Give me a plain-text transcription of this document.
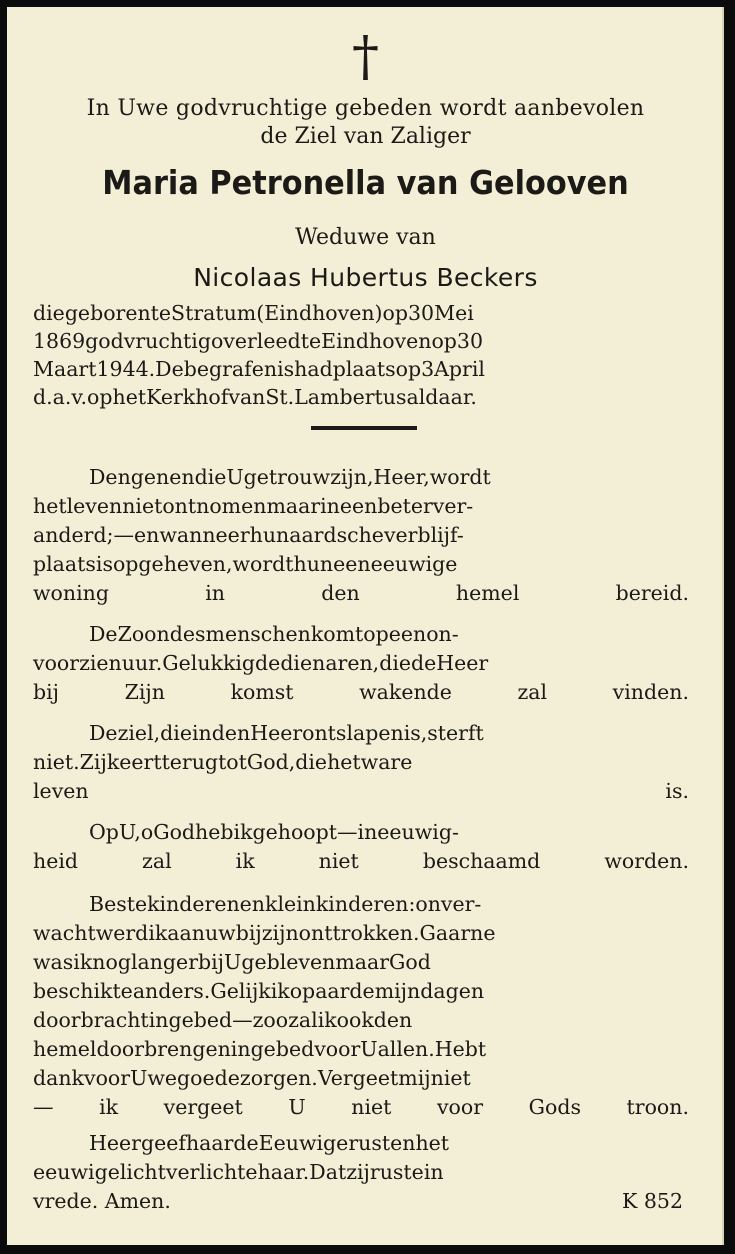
†
In Uwe godvruchtige gebeden wordt aanbevolen
de Ziel van Zaliger
Maria Petronella van Gelooven
Weduwe van
Nicolaas Hubertus Beckers
diegeborenteStratum(Eindhoven)op30Mei
1869godvruchtigoverleedteEindhovenop30
Maart1944.Debegrafenishadplaatsop3April
d.a.v.ophetKerkhofvanSt.Lambertusaldaar.
DengenendieUgetrouwzijn,Heer,wordt
hetlevennietontnomenmaarineenbeterver-
anderd;—enwanneerhunaardscheverblijf-
plaatsisopgeheven,wordthuneeneeuwige
woning in den hemel bereid.
DeZoondesmenschenkomtopeenon-
voorzienuur.Gelukkigdedienaren,diedeHeer
bij Zijn komst wakende zal vinden.
Deziel,dieindenHeerontslapenis,sterft
niet.ZijkeertterugtotGod,diehetware
leven is.
OpU,oGodhebikgehoopt—ineeuwig-
heid zal ik niet beschaamd worden.
Bestekinderenenkleinkinderen:onver-
wachtwerdikaanuwbijzijnonttrokken.Gaarne
wasiknoglangerbijUgeblevenmaarGod
beschikteanders.Gelijkikopaardemijndagen
doorbrachtingebed—zoozalikookden
hemeldoorbrengeningebedvoorUallen.Hebt
dankvoorUwegoedezorgen.Vergeetmijniet
— ik vergeet U niet voor Gods troon.
HeergeefhaardeEeuwigerustenhet
eeuwigelichtverlichtehaar.Datzijrustein
vrede. Amen.	K 852
